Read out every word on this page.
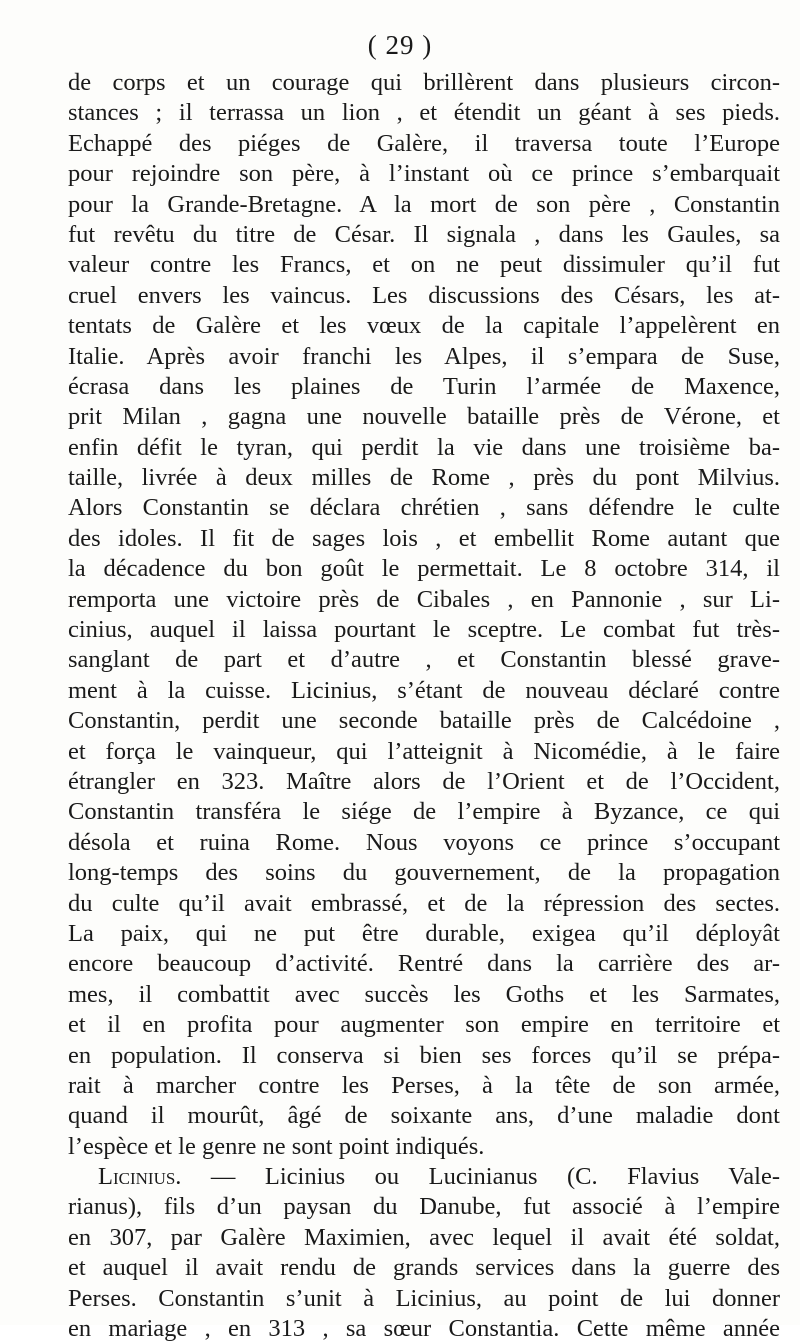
( 29 )
de corps et un courage qui brillèrent dans plusieurs circon-
stances ; il terrassa un lion , et étendit un géant à ses pieds.
Echappé des piéges de Galère, il traversa toute l’Europe
pour rejoindre son père, à l’instant où ce prince s’embarquait
pour la Grande-Bretagne. A la mort de son père , Constantin
fut revêtu du titre de César. Il signala , dans les Gaules, sa
valeur contre les Francs, et on ne peut dissimuler qu’il fut
cruel envers les vaincus. Les discussions des Césars, les at-
tentats de Galère et les vœux de la capitale l’appelèrent en
Italie. Après avoir franchi les Alpes, il s’empara de Suse,
écrasa dans les plaines de Turin l’armée de Maxence,
prit Milan , gagna une nouvelle bataille près de Vérone, et
enfin défit le tyran, qui perdit la vie dans une troisième ba-
taille, livrée à deux milles de Rome , près du pont Milvius.
Alors Constantin se déclara chrétien , sans défendre le culte
des idoles. Il fit de sages lois , et embellit Rome autant que
la décadence du bon goût le permettait. Le 8 octobre 314, il
remporta une victoire près de Cibales , en Pannonie , sur Li-
cinius, auquel il laissa pourtant le sceptre. Le combat fut très-
sanglant de part et d’autre , et Constantin blessé grave-
ment à la cuisse. Licinius, s’étant de nouveau déclaré contre
Constantin, perdit une seconde bataille près de Calcédoine ,
et força le vainqueur, qui l’atteignit à Nicomédie, à le faire
étrangler en 323. Maître alors de l’Orient et de l’Occident,
Constantin transféra le siége de l’empire à Byzance, ce qui
désola et ruina Rome. Nous voyons ce prince s’occupant
long-temps des soins du gouvernement, de la propagation
du culte qu’il avait embrassé, et de la répression des sectes.
La paix, qui ne put être durable, exigea qu’il déployât
encore beaucoup d’activité. Rentré dans la carrière des ar-
mes, il combattit avec succès les Goths et les Sarmates,
et il en profita pour augmenter son empire en territoire et
en population. Il conserva si bien ses forces qu’il se prépa-
rait à marcher contre les Perses, à la tête de son armée,
quand il mourût, âgé de soixante ans, d’une maladie dont
l’espèce et le genre ne sont point indiqués.
Licinius. — Licinius ou Lucinianus (C. Flavius Vale-
rianus), fils d’un paysan du Danube, fut associé à l’empire
en 307, par Galère Maximien, avec lequel il avait été soldat,
et auquel il avait rendu de grands services dans la guerre des
Perses. Constantin s’unit à Licinius, au point de lui donner
en mariage , en 313 , sa sœur Constantia. Cette même année
